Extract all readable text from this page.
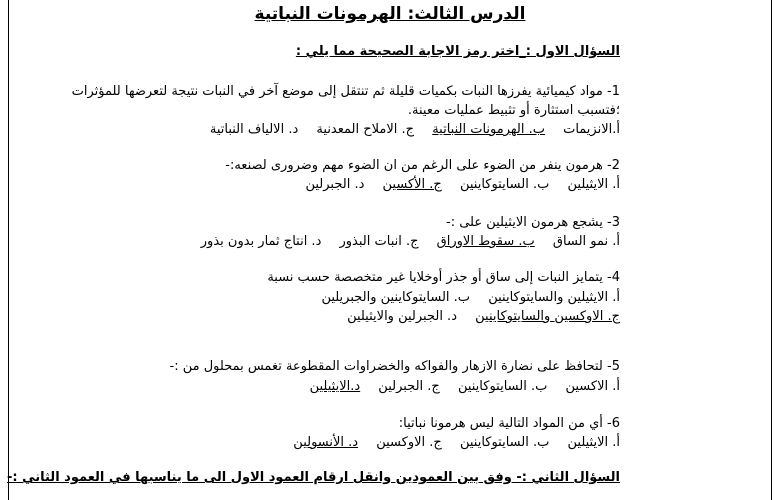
الدرس الثالث: الهرمونات النباتية
السؤال الاول :_اختر رمز الاجابة الصحيحة مما يلي :
1- مواد كيميائية يفرزها النبات بكميات قليلة ثم تنتقل إلى موضع آخر في النبات نتيجة لتعرضها للمؤثرات
؛فتسبب استثارة أو تثبيط عمليات معينة.
أ.الانزيمات ب. الهرمونات النباتية ج. الاملاح المعدنية د. الالياف النباتية
2- هرمون ينفر من الضوء على الرغم من ان الضوء مهم وضرورى لصنعه:-
أ. الايثيلين ب. السايتوكاينين ج. الأكسين د. الجبرلين
3- يشجع هرمون الايثيلين على :-
أ. نمو الساق ب. سقوط الاوراق ج. انبات البذور د. انتاج ثمار بدون بذور
4- يتمايز النبات إلى ساق أو جذر أوخلايا غير متخصصة حسب نسبة
أ. الايثيلين والسايتوكاينين ب. السايتوكاينين والجبريلين
ج. الاوكسين والسايتوكاينين د. الجبرلين والايثيلين
5- لتحافظ على نضارة الازهار والفواكه والخضراوات المقطوعة تغمس بمحلول من :-
أ. الاكسين ب. السايتوكاينين ج. الجبرلين د.الايثيلين
6- أي من المواد التالية ليس هرمونا نباتيا:
أ. الايثيلين ب. السايتوكاينين ج. الاوكسين د. الأنسولين
السؤال الثاني :- وفق بين العمودين وانقل ارقام العمود الاول الى ما يناسبها في العمود الثاني :-
